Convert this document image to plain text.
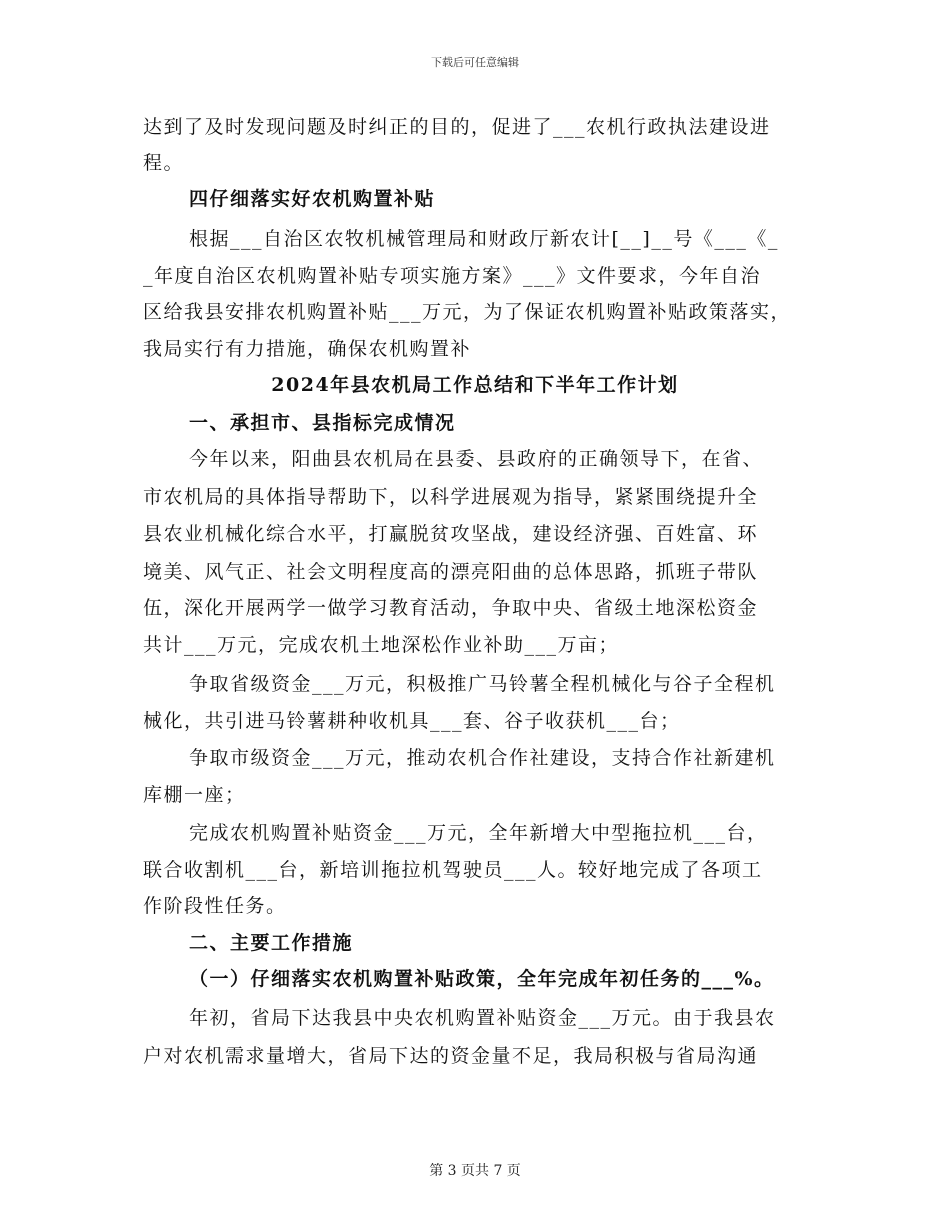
下载后可任意编辑
达到了及时发现问题及时纠正的目的，促进了___农机行政执法建设进
程。
四仔细落实好农机购置补贴
根据___自治区农牧机械管理局和财政厅新农计[__]__号《___《_
_年度自治区农机购置补贴专项实施方案》___》文件要求，今年自治
区给我县安排农机购置补贴___万元，为了保证农机购置补贴政策落实，
我局实行有力措施，确保农机购置补
2024年县农机局工作总结和下半年工作计划
一、承担市、县指标完成情况
今年以来，阳曲县农机局在县委、县政府的正确领导下，在省、
市农机局的具体指导帮助下，以科学进展观为指导，紧紧围绕提升全
县农业机械化综合水平，打赢脱贫攻坚战，建设经济强、百姓富、环
境美、风气正、社会文明程度高的漂亮阳曲的总体思路，抓班子带队
伍，深化开展两学一做学习教育活动，争取中央、省级土地深松资金
共计___万元，完成农机土地深松作业补助___万亩；
争取省级资金___万元，积极推广马铃薯全程机械化与谷子全程机
械化，共引进马铃薯耕种收机具___套、谷子收获机___台；
争取市级资金___万元，推动农机合作社建设，支持合作社新建机
库棚一座；
完成农机购置补贴资金___万元，全年新增大中型拖拉机___台，
联合收割机___台，新培训拖拉机驾驶员___人。较好地完成了各项工
作阶段性任务。
二、主要工作措施
（一）仔细落实农机购置补贴政策，全年完成年初任务的___%。
年初，省局下达我县中央农机购置补贴资金___万元。由于我县农
户对农机需求量增大，省局下达的资金量不足，我局积极与省局沟通
第 3 页共 7 页
